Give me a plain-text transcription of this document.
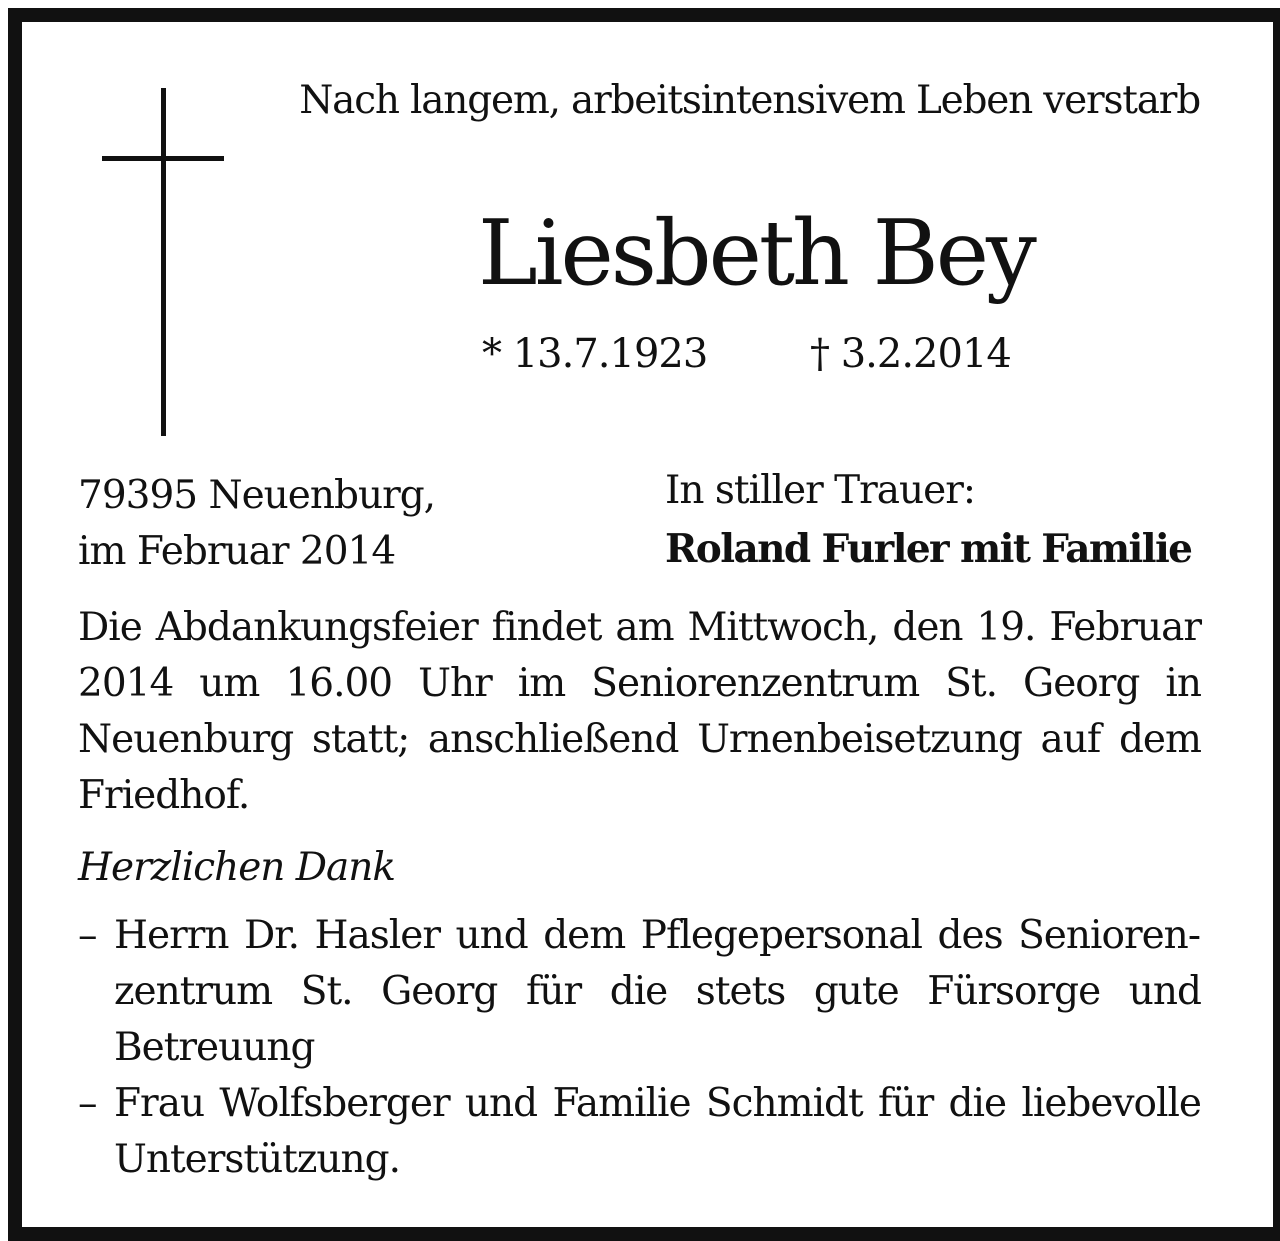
Nach langem, arbeitsintensivem Leben verstarb
Liesbeth Bey
* 13.7.1923	† 3.2.2014
79395 Neuenburg,
im Februar 2014
In stiller Trauer:
Roland Furler mit Familie
Die Abdankungsfeier findet am Mittwoch, den 19. Februar 2014 um 16.00 Uhr im Seniorenzentrum St. Georg in Neuenburg statt; anschließend Urnenbeisetzung auf dem Friedhof.
Herzlichen Dank
– Herrn Dr. Hasler und dem Pflegepersonal des Seniorenzentrum St. Georg für die stets gute Fürsorge und Betreuung
– Frau Wolfsberger und Familie Schmidt für die liebevolle Unterstützung.
